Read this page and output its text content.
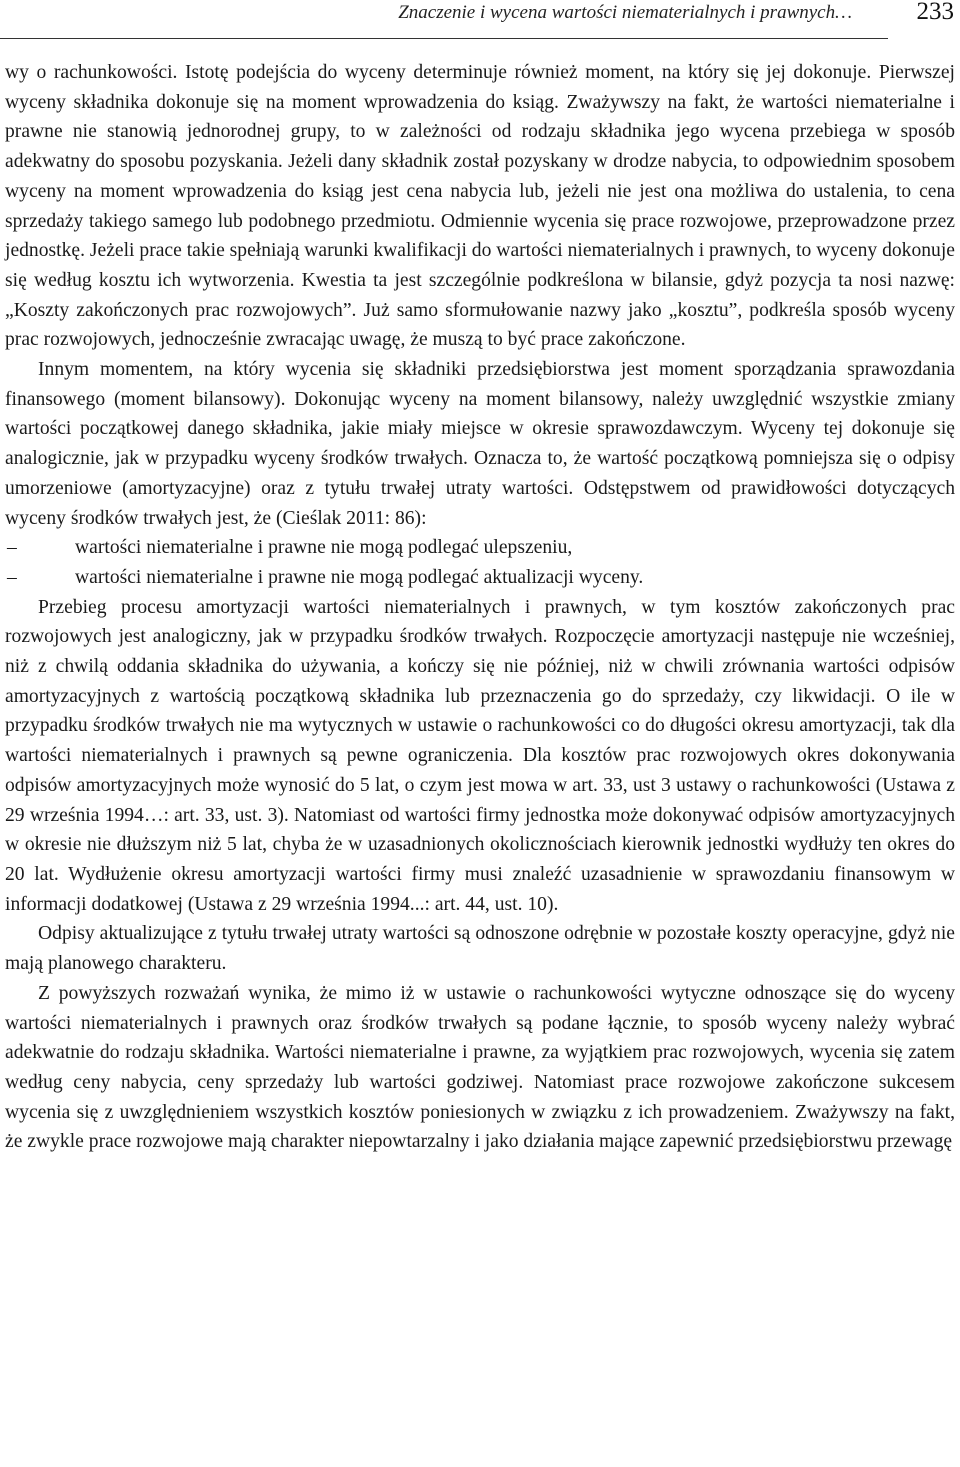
Znaczenie i wycena wartości niematerialnych i prawnych…	233

wy o rachunkowości. Istotę podejścia do wyceny determinuje również moment, na który się jej dokonuje. Pierwszej wyceny składnika dokonuje się na moment wprowadzenia do ksiąg. Zważywszy na fakt, że wartości niematerialne i prawne nie stanowią jednorodnej grupy, to w zależności od rodzaju składnika jego wycena przebiega w sposób adekwatny do sposobu pozyskania. Jeżeli dany składnik został pozyskany w drodze nabycia, to odpowiednim sposobem wyceny na moment wprowadzenia do ksiąg jest cena nabycia lub, jeżeli nie jest ona możliwa do ustalenia, to cena sprzedaży takiego samego lub podobnego przedmiotu. Odmiennie wycenia się prace rozwojowe, przeprowadzone przez jednostkę. Jeżeli prace takie spełniają warunki kwalifikacji do wartości niematerialnych i prawnych, to wyceny dokonuje się według kosztu ich wytworzenia. Kwestia ta jest szczególnie podkreślona w bilansie, gdyż pozycja ta nosi nazwę: „Koszty zakończonych prac rozwojowych”. Już samo sformułowanie nazwy jako „kosztu”, podkreśla sposób wyceny prac rozwojowych, jednocześnie zwracając uwagę, że muszą to być prace zakończone.

Innym momentem, na który wycenia się składniki przedsiębiorstwa jest moment sporządzania sprawozdania finansowego (moment bilansowy). Dokonując wyceny na moment bilansowy, należy uwzględnić wszystkie zmiany wartości początkowej danego składnika, jakie miały miejsce w okresie sprawozdawczym. Wyceny tej dokonuje się analogicznie, jak w przypadku wyceny środków trwałych. Oznacza to, że wartość początkową pomniejsza się o odpisy umorzeniowe (amortyzacyjne) oraz z tytułu trwałej utraty wartości. Odstępstwem od prawidłowości dotyczących wyceny środków trwałych jest, że (Cieślak 2011: 86):

–	wartości niematerialne i prawne nie mogą podlegać ulepszeniu,
–	wartości niematerialne i prawne nie mogą podlegać aktualizacji wyceny.

Przebieg procesu amortyzacji wartości niematerialnych i prawnych, w tym kosztów zakończonych prac rozwojowych jest analogiczny, jak w przypadku środków trwałych. Rozpoczęcie amortyzacji następuje nie wcześniej, niż z chwilą oddania składnika do używania, a kończy się nie później, niż w chwili zrównania wartości odpisów amortyzacyjnych z wartością początkową składnika lub przeznaczenia go do sprzedaży, czy likwidacji. O ile w przypadku środków trwałych nie ma wytycznych w ustawie o rachunkowości co do długości okresu amortyzacji, tak dla wartości niematerialnych i prawnych są pewne ograniczenia. Dla kosztów prac rozwojowych okres dokonywania odpisów amortyzacyjnych może wynosić do 5 lat, o czym jest mowa w art. 33, ust 3 ustawy o rachunkowości (Ustawa z 29 września 1994…: art. 33, ust. 3). Natomiast od wartości firmy jednostka może dokonywać odpisów amortyzacyjnych w okresie nie dłuższym niż 5 lat, chyba że w uzasadnionych okolicznościach kierownik jednostki wydłuży ten okres do 20 lat. Wydłużenie okresu amortyzacji wartości firmy musi znaleźć uzasadnienie w sprawozdaniu finansowym w informacji dodatkowej (Ustawa z 29 września 1994...: art. 44, ust. 10).

Odpisy aktualizujące z tytułu trwałej utraty wartości są odnoszone odrębnie w pozostałe koszty operacyjne, gdyż nie mają planowego charakteru.

Z powyższych rozważań wynika, że mimo iż w ustawie o rachunkowości wytyczne odnoszące się do wyceny wartości niematerialnych i prawnych oraz środków trwałych są podane łącznie, to sposób wyceny należy wybrać adekwatnie do rodzaju składnika. Wartości niematerialne i prawne, za wyjątkiem prac rozwojowych, wycenia się zatem według ceny nabycia, ceny sprzedaży lub wartości godziwej. Natomiast prace rozwojowe zakończone sukcesem wycenia się z uwzględnieniem wszystkich kosztów poniesionych w związku z ich prowadzeniem. Zważywszy na fakt, że zwykle prace rozwojowe mają charakter niepowtarzalny i jako działania mające zapewnić przedsiębiorstwu przewagę
